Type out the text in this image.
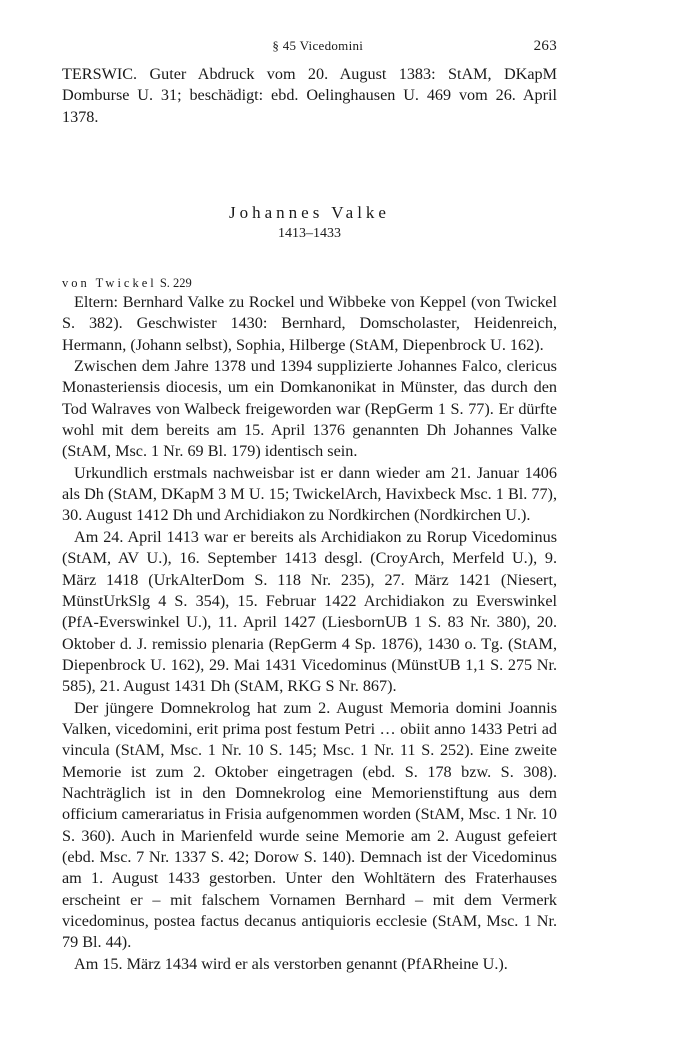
§ 45 Vicedomini	263

TERSWIC. Guter Abdruck vom 20. August 1383: StAM, DKapM Domburse U. 31; beschädigt: ebd. Oelinghausen U. 469 vom 26. April 1378.

Johannes Valke
1413–1433

von Twickel S. 229

Eltern: Bernhard Valke zu Rockel und Wibbeke von Keppel (von Twickel S. 382). Geschwister 1430: Bernhard, Domscholaster, Heidenreich, Hermann, (Johann selbst), Sophia, Hilberge (StAM, Diepenbrock U. 162).

Zwischen dem Jahre 1378 und 1394 supplizierte Johannes Falco, clericus Monasteriensis diocesis, um ein Domkanonikat in Münster, das durch den Tod Walraves von Walbeck freigeworden war (RepGerm 1 S. 77). Er dürfte wohl mit dem bereits am 15. April 1376 genannten Dh Johannes Valke (StAM, Msc. 1 Nr. 69 Bl. 179) identisch sein.

Urkundlich erstmals nachweisbar ist er dann wieder am 21. Januar 1406 als Dh (StAM, DKapM 3 M U. 15; TwickelArch, Havixbeck Msc. 1 Bl. 77), 30. August 1412 Dh und Archidiakon zu Nordkirchen (Nordkirchen U.).

Am 24. April 1413 war er bereits als Archidiakon zu Rorup Vicedominus (StAM, AV U.), 16. September 1413 desgl. (CroyArch, Merfeld U.), 9. März 1418 (UrkAlterDom S. 118 Nr. 235), 27. März 1421 (Niesert, MünstUrkSlg 4 S. 354), 15. Februar 1422 Archidiakon zu Everswinkel (PfA-Everswinkel U.), 11. April 1427 (LiesbornUB 1 S. 83 Nr. 380), 20. Oktober d. J. remissio plenaria (RepGerm 4 Sp. 1876), 1430 o. Tg. (StAM, Diepenbrock U. 162), 29. Mai 1431 Vicedominus (MünstUB 1,1 S. 275 Nr. 585), 21. August 1431 Dh (StAM, RKG S Nr. 867).

Der jüngere Domnekrolog hat zum 2. August Memoria domini Joannis Valken, vicedomini, erit prima post festum Petri … obiit anno 1433 Petri ad vincula (StAM, Msc. 1 Nr. 10 S. 145; Msc. 1 Nr. 11 S. 252). Eine zweite Memorie ist zum 2. Oktober eingetragen (ebd. S. 178 bzw. S. 308). Nachträglich ist in den Domnekrolog eine Memorienstiftung aus dem officium camerariatus in Frisia aufgenommen worden (StAM, Msc. 1 Nr. 10 S. 360). Auch in Marienfeld wurde seine Memorie am 2. August gefeiert (ebd. Msc. 7 Nr. 1337 S. 42; Dorow S. 140). Demnach ist der Vicedominus am 1. August 1433 gestorben. Unter den Wohltätern des Fraterhauses erscheint er – mit falschem Vornamen Bernhard – mit dem Vermerk vicedominus, postea factus decanus antiquioris ecclesie (StAM, Msc. 1 Nr. 79 Bl. 44).

Am 15. März 1434 wird er als verstorben genannt (PfARheine U.).
